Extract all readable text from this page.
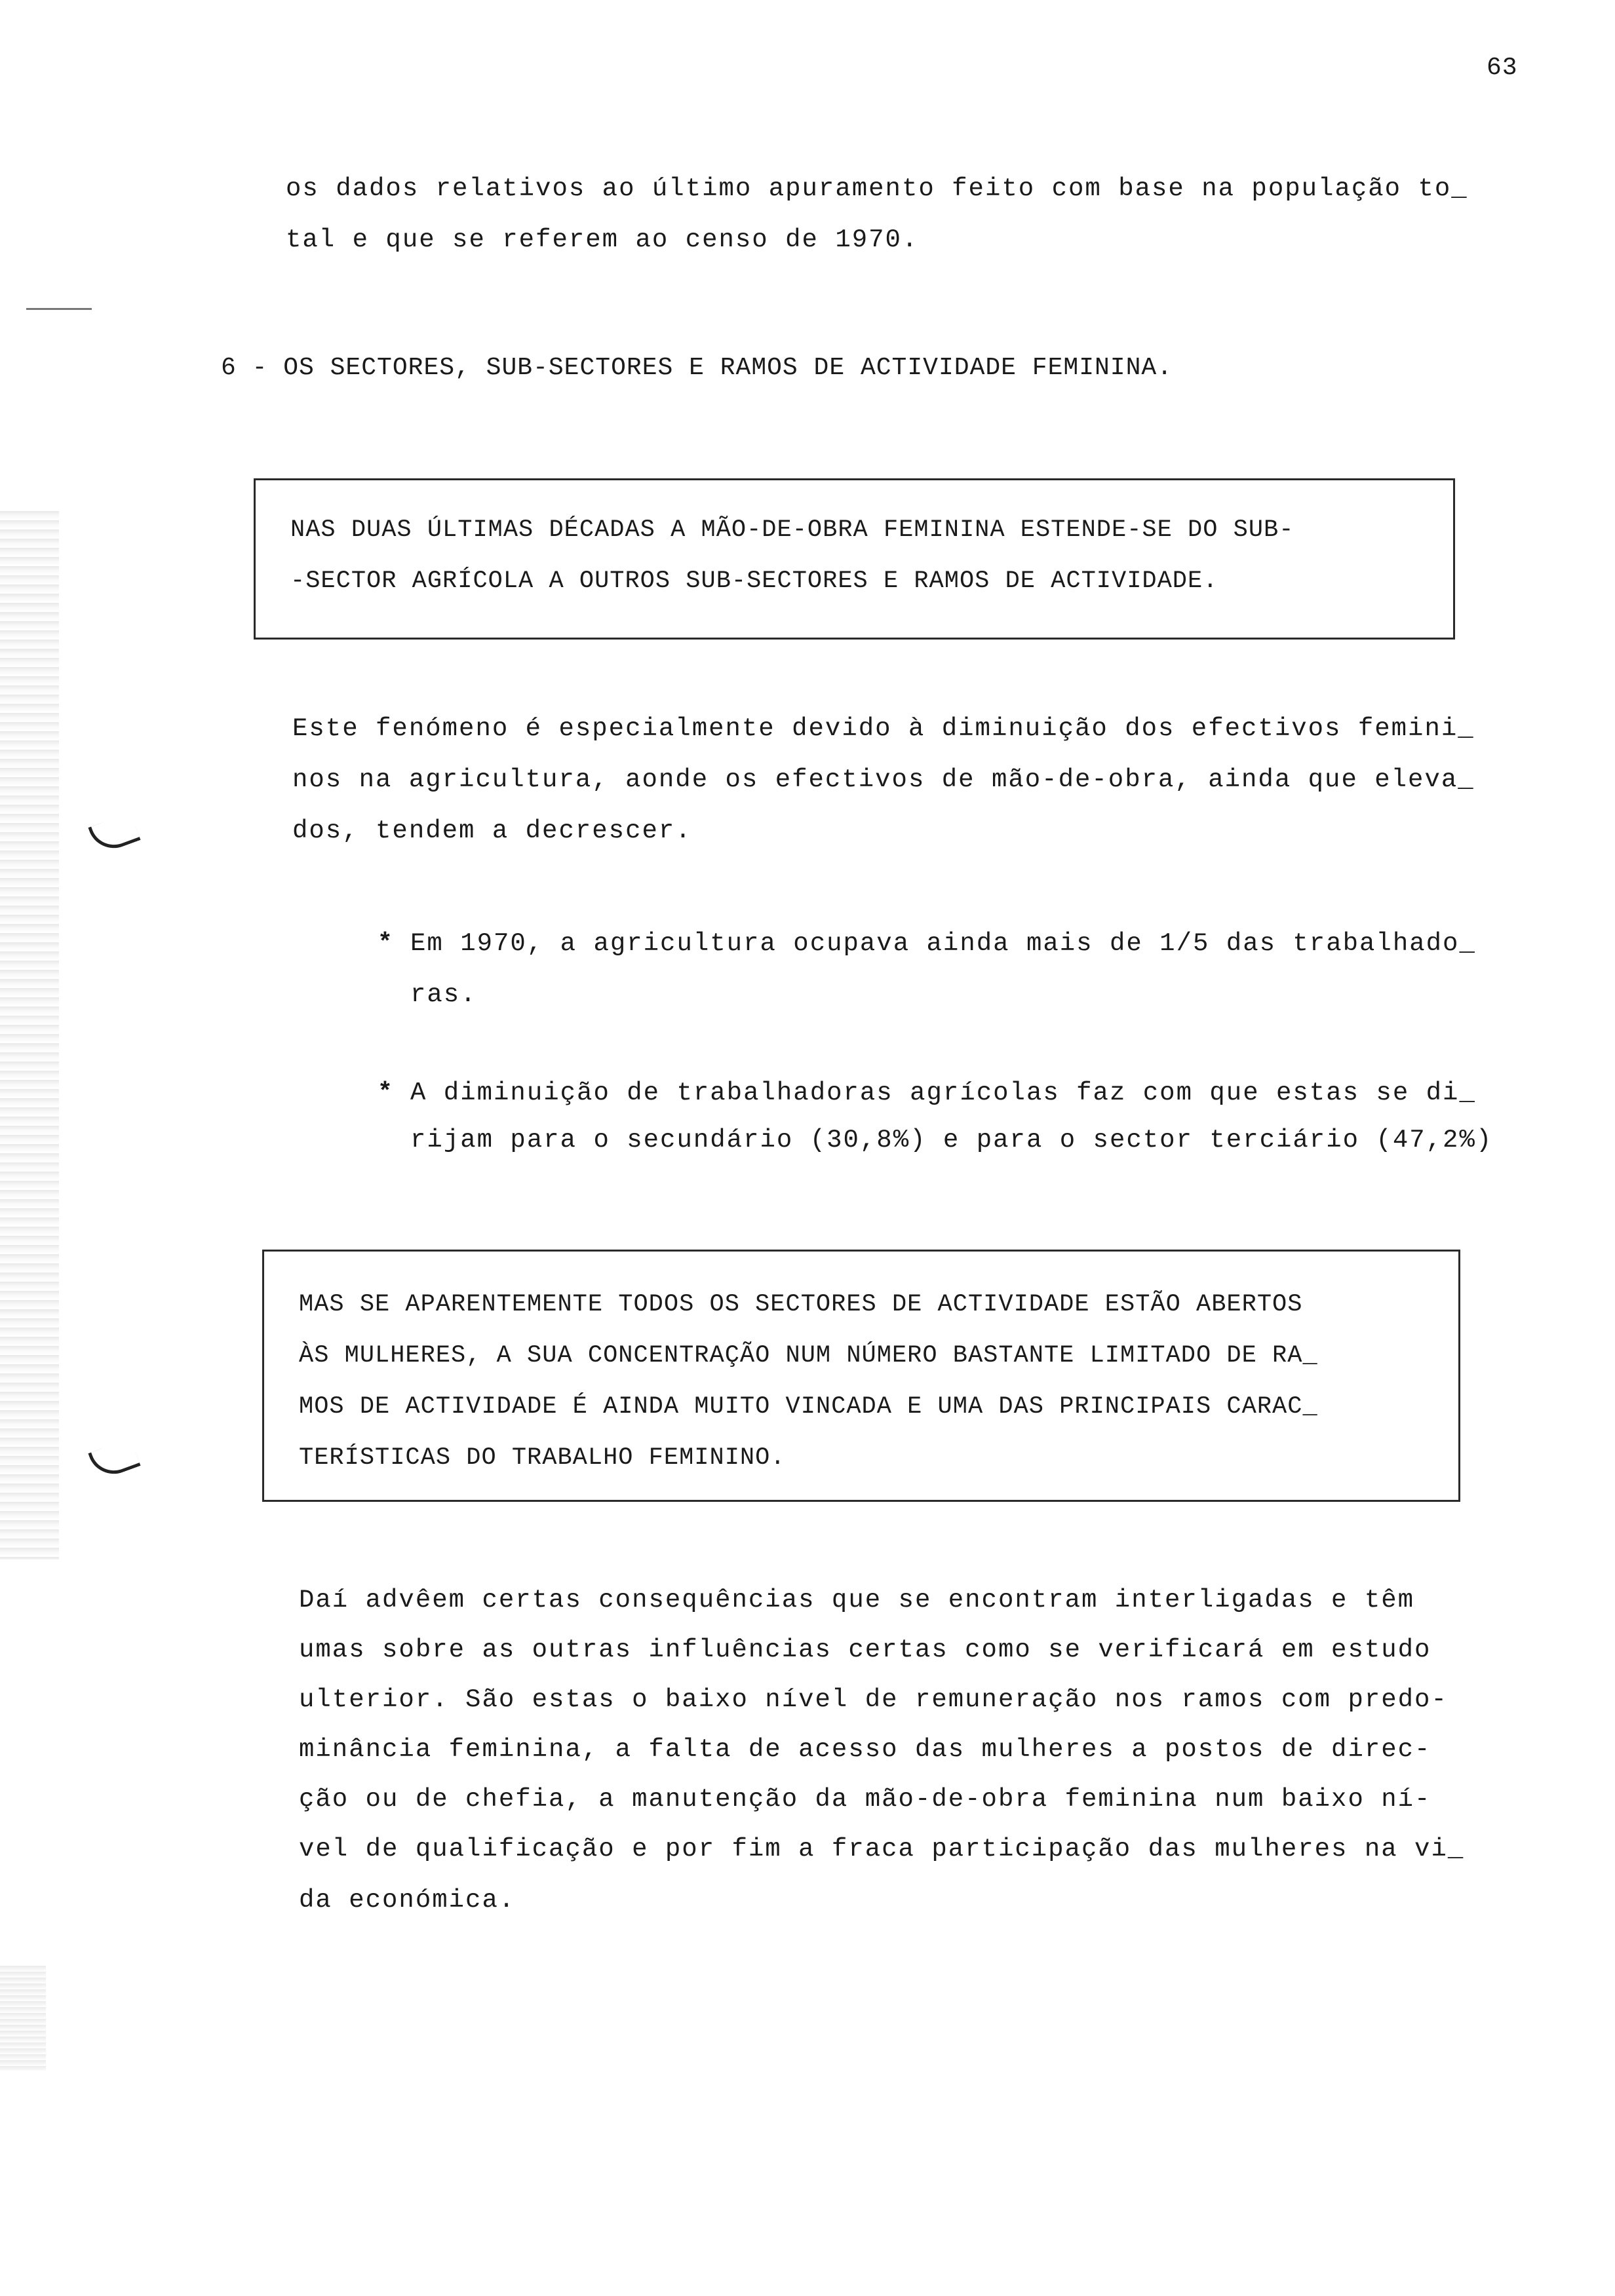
63
os dados relativos ao último apuramento feito com base na população to_
tal e que se referem ao censo de 1970.
6 - OS SECTORES, SUB-SECTORES E RAMOS DE ACTIVIDADE FEMININA.
NAS DUAS ÚLTIMAS DÉCADAS A MÃO-DE-OBRA FEMININA ESTENDE-SE DO SUB-
-SECTOR AGRÍCOLA A OUTROS SUB-SECTORES E RAMOS DE ACTIVIDADE.
Este fenómeno é especialmente devido à diminuição dos efectivos femini_
nos na agricultura, aonde os efectivos de mão-de-obra, ainda que eleva_
dos, tendem a decrescer.
* Em 1970, a agricultura ocupava ainda mais de 1/5 das trabalhado_
ras.
* A diminuição de trabalhadoras agrícolas faz com que estas se di_
rijam para o secundário (30,8%) e para o sector terciário (47,2%)
MAS SE APARENTEMENTE TODOS OS SECTORES DE ACTIVIDADE ESTÃO ABERTOS
ÀS MULHERES, A SUA CONCENTRAÇÃO NUM NÚMERO BASTANTE LIMITADO DE RA_
MOS DE ACTIVIDADE É AINDA MUITO VINCADA E UMA DAS PRINCIPAIS CARAC_
TERÍSTICAS DO TRABALHO FEMININO.
Daí advêem certas consequências que se encontram interligadas e têm
umas sobre as outras influências certas como se verificará em estudo
ulterior. São estas o baixo nível de remuneração nos ramos com predo-
minância feminina, a falta de acesso das mulheres a postos de direc-
ção ou de chefia, a manutenção da mão-de-obra feminina num baixo ní-
vel de qualificação e por fim a fraca participação das mulheres na vi_
da económica.
